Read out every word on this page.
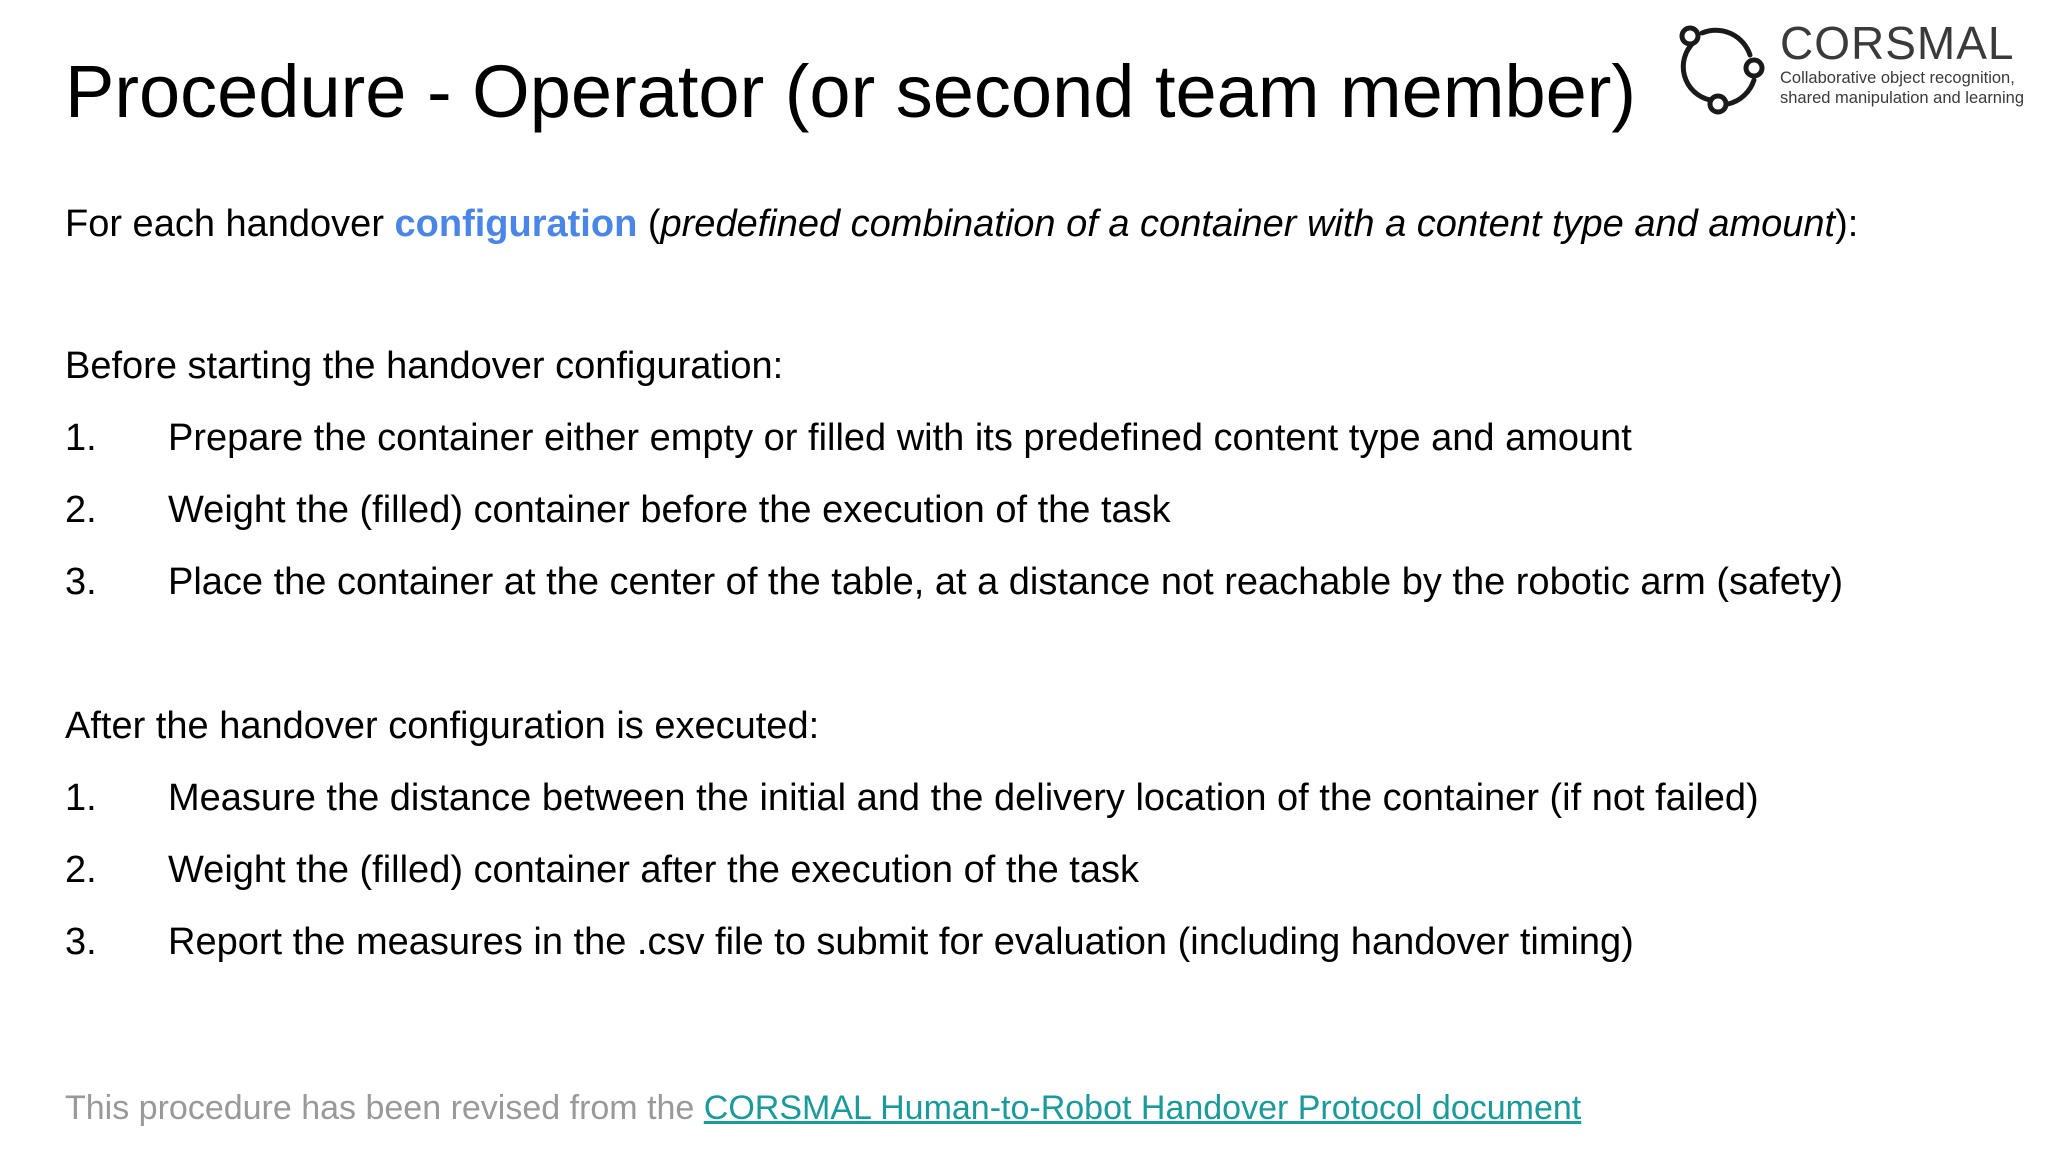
Procedure - Operator (or second team member)
CORSMAL
Collaborative object recognition,
shared manipulation and learning

For each handover configuration (predefined combination of a container with a content type and amount):

Before starting the handover configuration:

1.	Prepare the container either empty or filled with its predefined content type and amount
2.	Weight the (filled) container before the execution of the task
3.	Place the container at the center of the table, at a distance not reachable by the robotic arm (safety)

After the handover configuration is executed:

1.	Measure the distance between the initial and the delivery location of the container (if not failed)
2.	Weight the (filled) container after the execution of the task
3.	Report the measures in the .csv file to submit for evaluation (including handover timing)

This procedure has been revised from the CORSMAL Human-to-Robot Handover Protocol document
